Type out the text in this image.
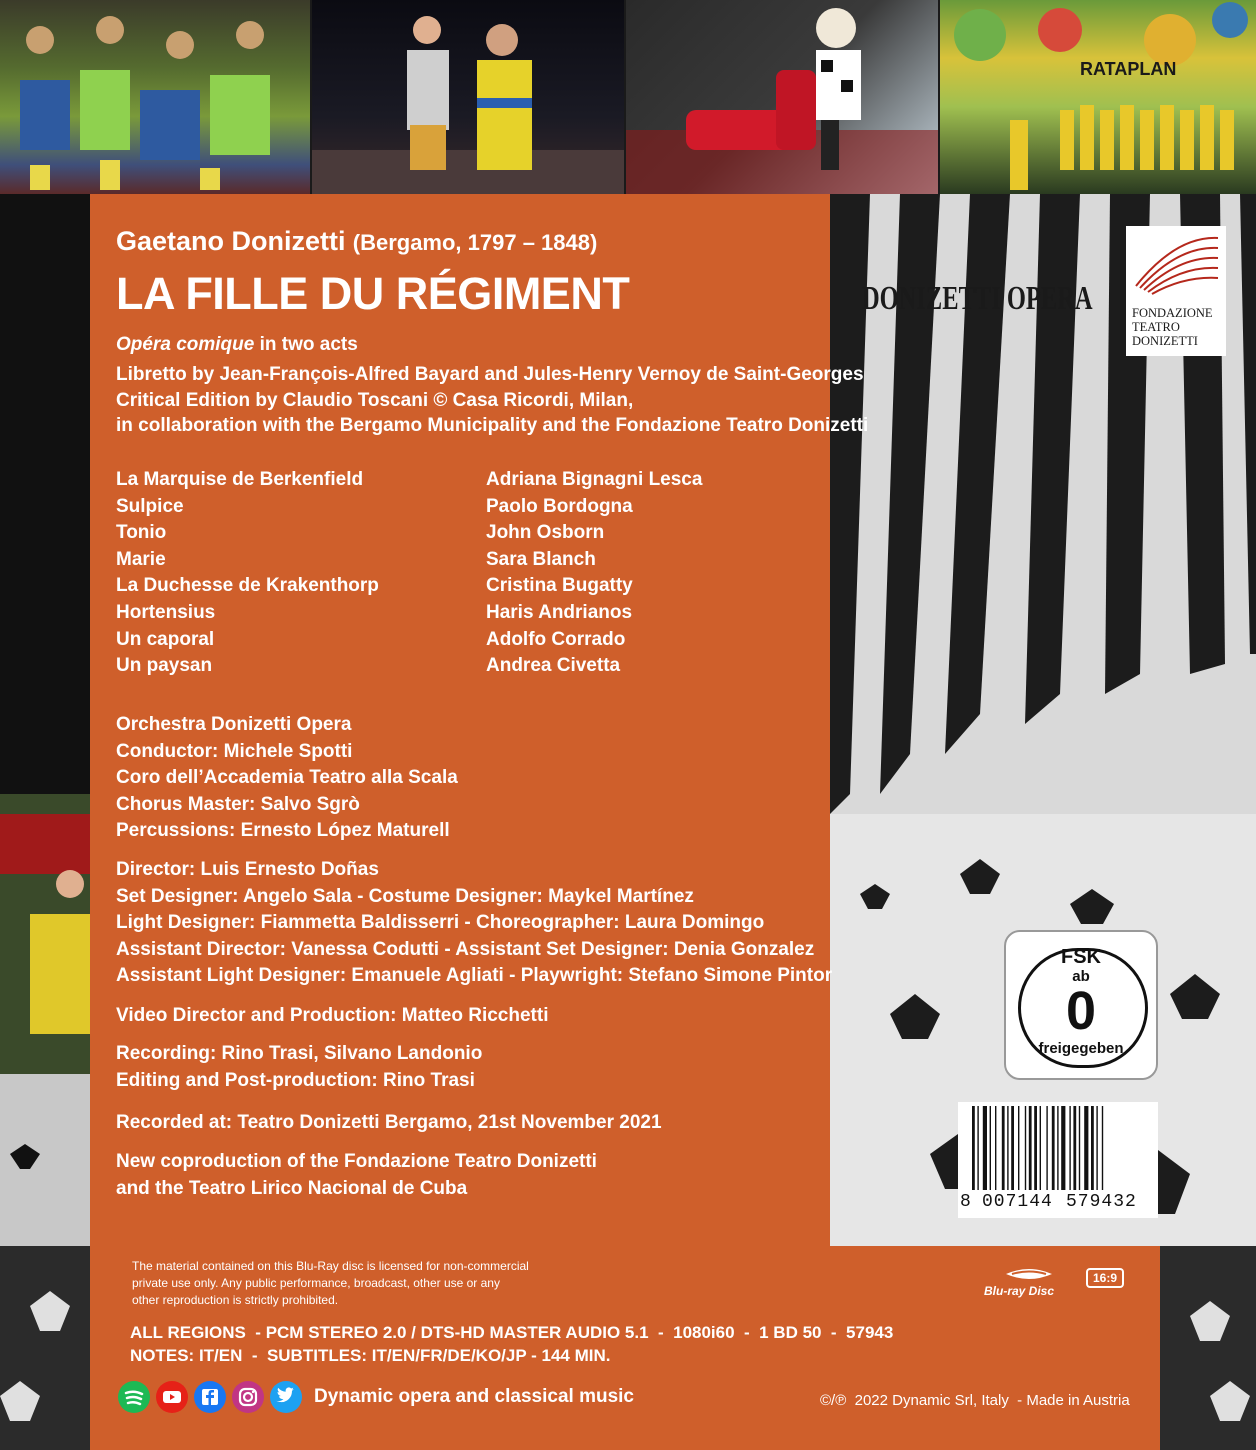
RATAPLAN
Gaetano Donizetti (Bergamo, 1797 – 1848)
LA FILLE DU RÉGIMENT
Opéra comique in two acts
Libretto by Jean-François-Alfred Bayard and Jules-Henry Vernoy de Saint-Georges
Critical Edition by Claudio Toscani © Casa Ricordi, Milan,
in collaboration with the Bergamo Municipality and the Fondazione Teatro Donizetti
La Marquise de Berkenfield
Sulpice
Tonio
Marie
La Duchesse de Krakenthorp
Hortensius
Un caporal
Un paysan
Adriana Bignagni Lesca
Paolo Bordogna
John Osborn
Sara Blanch
Cristina Bugatty
Haris Andrianos
Adolfo Corrado
Andrea Civetta
Orchestra Donizetti Opera
Conductor: Michele Spotti
Coro dell’Accademia Teatro alla Scala
Chorus Master: Salvo Sgrò
Percussions: Ernesto López Maturell
Director: Luis Ernesto Doñas
Set Designer: Angelo Sala - Costume Designer: Maykel Martínez
Light Designer: Fiammetta Baldisserri - Choreographer: Laura Domingo
Assistant Director: Vanessa Codutti - Assistant Set Designer: Denia Gonzalez
Assistant Light Designer: Emanuele Agliati - Playwright: Stefano Simone Pintor
Video Director and Production: Matteo Ricchetti
Recording: Rino Trasi, Silvano Landonio
Editing and Post-production: Rino Trasi
Recorded at: Teatro Donizetti Bergamo, 21st November 2021
New coproduction of the Fondazione Teatro Donizetti
and the Teatro Lirico Nacional de Cuba
DONIZETTI OPERA	FONDAZIONE
TEATRO
DONIZETTI
FSK
ab
0
freigegeben
8 007144 579432
The material contained on this Blu-Ray disc is licensed for non-commercial
private use only. Any public performance, broadcast, other use or any
other reproduction is strictly prohibited.
Blu-ray Disc
16:9
ALL REGIONS  - PCM STEREO 2.0 / DTS-HD MASTER AUDIO 5.1  -  1080i60  -  1 BD 50  -  57943
NOTES: IT/EN  -  SUBTITLES: IT/EN/FR/DE/KO/JP - 144 MIN.
Dynamic opera and classical music	©/℗  2022 Dynamic Srl, Italy  - Made in Austria
